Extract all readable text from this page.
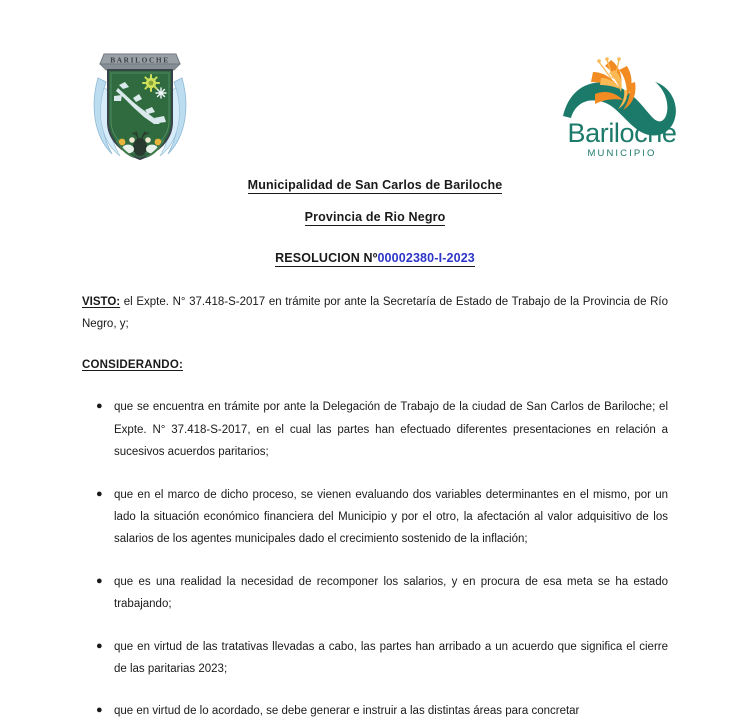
BARILOCHE
Bariloche
MUNICIPIO
Municipalidad de San Carlos de Bariloche
Provincia de Rio Negro
RESOLUCION Nº00002380-I-2023

VISTO: el Expte. N° 37.418-S-2017 en trámite por ante la Secretaría de Estado de Trabajo de la Provincia de Río Negro, y;

CONSIDERANDO:

● que se encuentra en trámite por ante la Delegación de Trabajo de la ciudad de San Carlos de Bariloche; el Expte. N° 37.418-S-2017, en el cual las partes han efectuado diferentes presentaciones en relación a sucesivos acuerdos paritarios;
● que en el marco de dicho proceso, se vienen evaluando dos variables determinantes en el mismo, por un lado la situación económico financiera del Municipio y por el otro, la afectación al valor adquisitivo de los salarios de los agentes municipales dado el crecimiento sostenido de la inflación;
● que es una realidad la necesidad de recomponer los salarios, y en procura de esa meta se ha estado trabajando;
● que en virtud de las tratativas llevadas a cabo, las partes han arribado a un acuerdo que significa el cierre de las paritarias 2023;
● que en virtud de lo acordado, se debe generar e instruir a las distintas áreas para concretar
